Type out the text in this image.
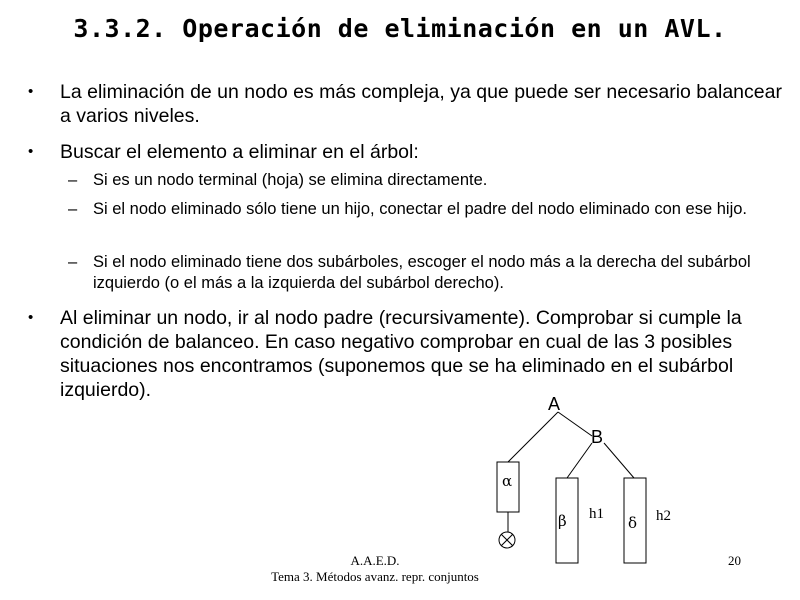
3.3.2. Operación de eliminación en un AVL.
• La eliminación de un nodo es más compleja, ya que puede ser necesario balancear a varios niveles.
• Buscar el elemento a eliminar en el árbol:
– Si es un nodo terminal (hoja) se elimina directamente.
– Si el nodo eliminado sólo tiene un hijo, conectar el padre del nodo eliminado con ese hijo.
– Si el nodo eliminado tiene dos subárboles, escoger el nodo más a la derecha del subárbol izquierdo (o el más a la izquierda del subárbol derecho).
• Al eliminar un nodo, ir al nodo padre (recursivamente). Comprobar si cumple la condición de balanceo. En caso negativo comprobar en cual de las 3 posibles situaciones nos encontramos (suponemos que se ha eliminado en el subárbol izquierdo).
A
B
α
β h1 δ h2
A.A.E.D.
Tema 3. Métodos avanz. repr. conjuntos
20
